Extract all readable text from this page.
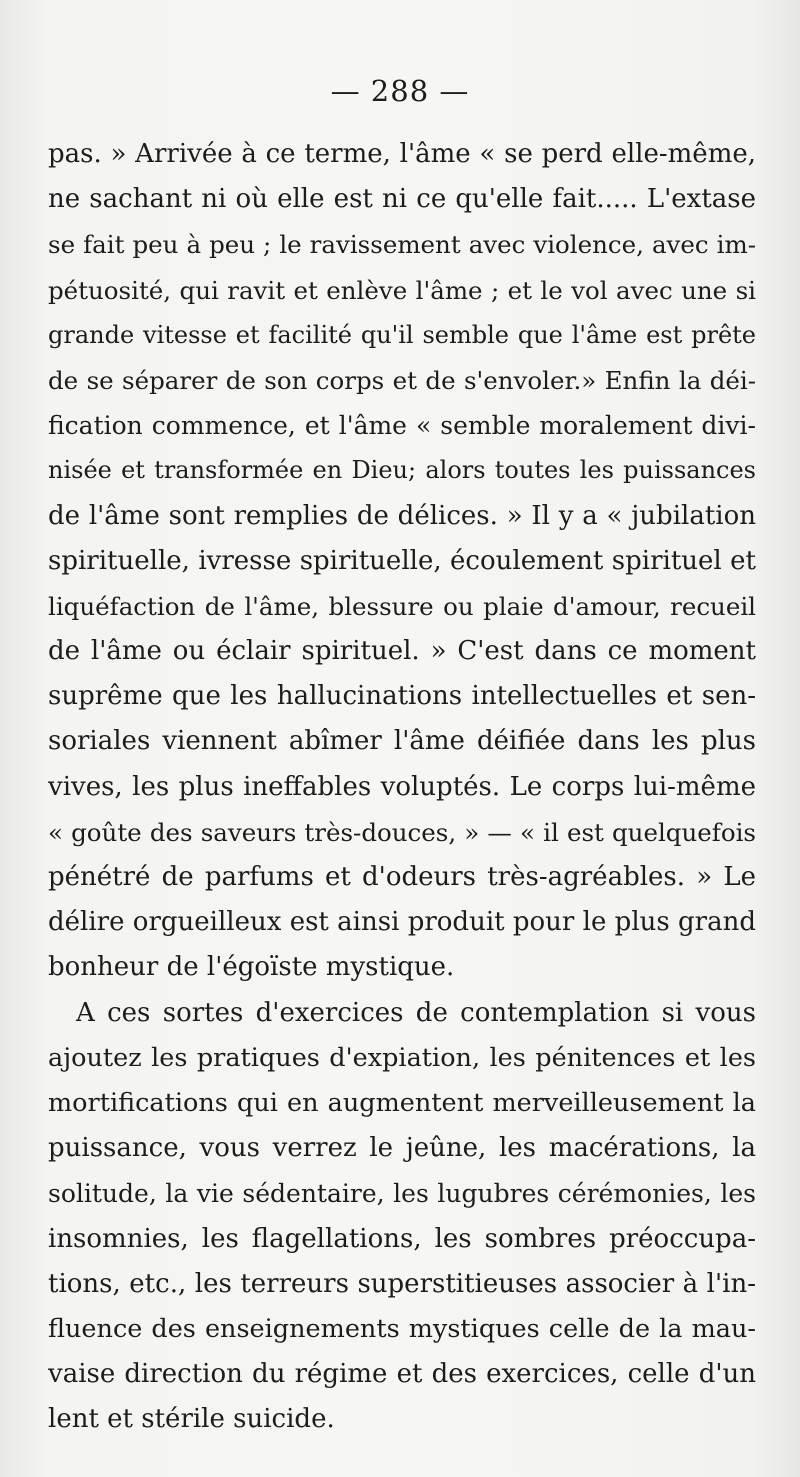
— 288 —
pas. » Arrivée à ce terme, l'âme « se perd elle-même,
ne sachant ni où elle est ni ce qu'elle fait..... L'extase
se fait peu à peu ; le ravissement avec violence, avec im-
pétuosité, qui ravit et enlève l'âme ; et le vol avec une si
grande vitesse et facilité qu'il semble que l'âme est prête
de se séparer de son corps et de s'envoler.» Enfin la déi-
fication commence, et l'âme « semble moralement divi-
nisée et transformée en Dieu; alors toutes les puissances
de l'âme sont remplies de délices. » Il y a « jubilation
spirituelle, ivresse spirituelle, écoulement spirituel et
liquéfaction de l'âme, blessure ou plaie d'amour, recueil
de l'âme ou éclair spirituel. » C'est dans ce moment
suprême que les hallucinations intellectuelles et sen-
soriales viennent abîmer l'âme déifiée dans les plus
vives, les plus ineffables voluptés. Le corps lui-même
« goûte des saveurs très-douces, » — « il est quelquefois
pénétré de parfums et d'odeurs très-agréables. » Le
délire orgueilleux est ainsi produit pour le plus grand
bonheur de l'égoïste mystique.
A ces sortes d'exercices de contemplation si vous
ajoutez les pratiques d'expiation, les pénitences et les
mortifications qui en augmentent merveilleusement la
puissance, vous verrez le jeûne, les macérations, la
solitude, la vie sédentaire, les lugubres cérémonies, les
insomnies, les flagellations, les sombres préoccupa-
tions, etc., les terreurs superstitieuses associer à l'in-
fluence des enseignements mystiques celle de la mau-
vaise direction du régime et des exercices, celle d'un
lent et stérile suicide.
